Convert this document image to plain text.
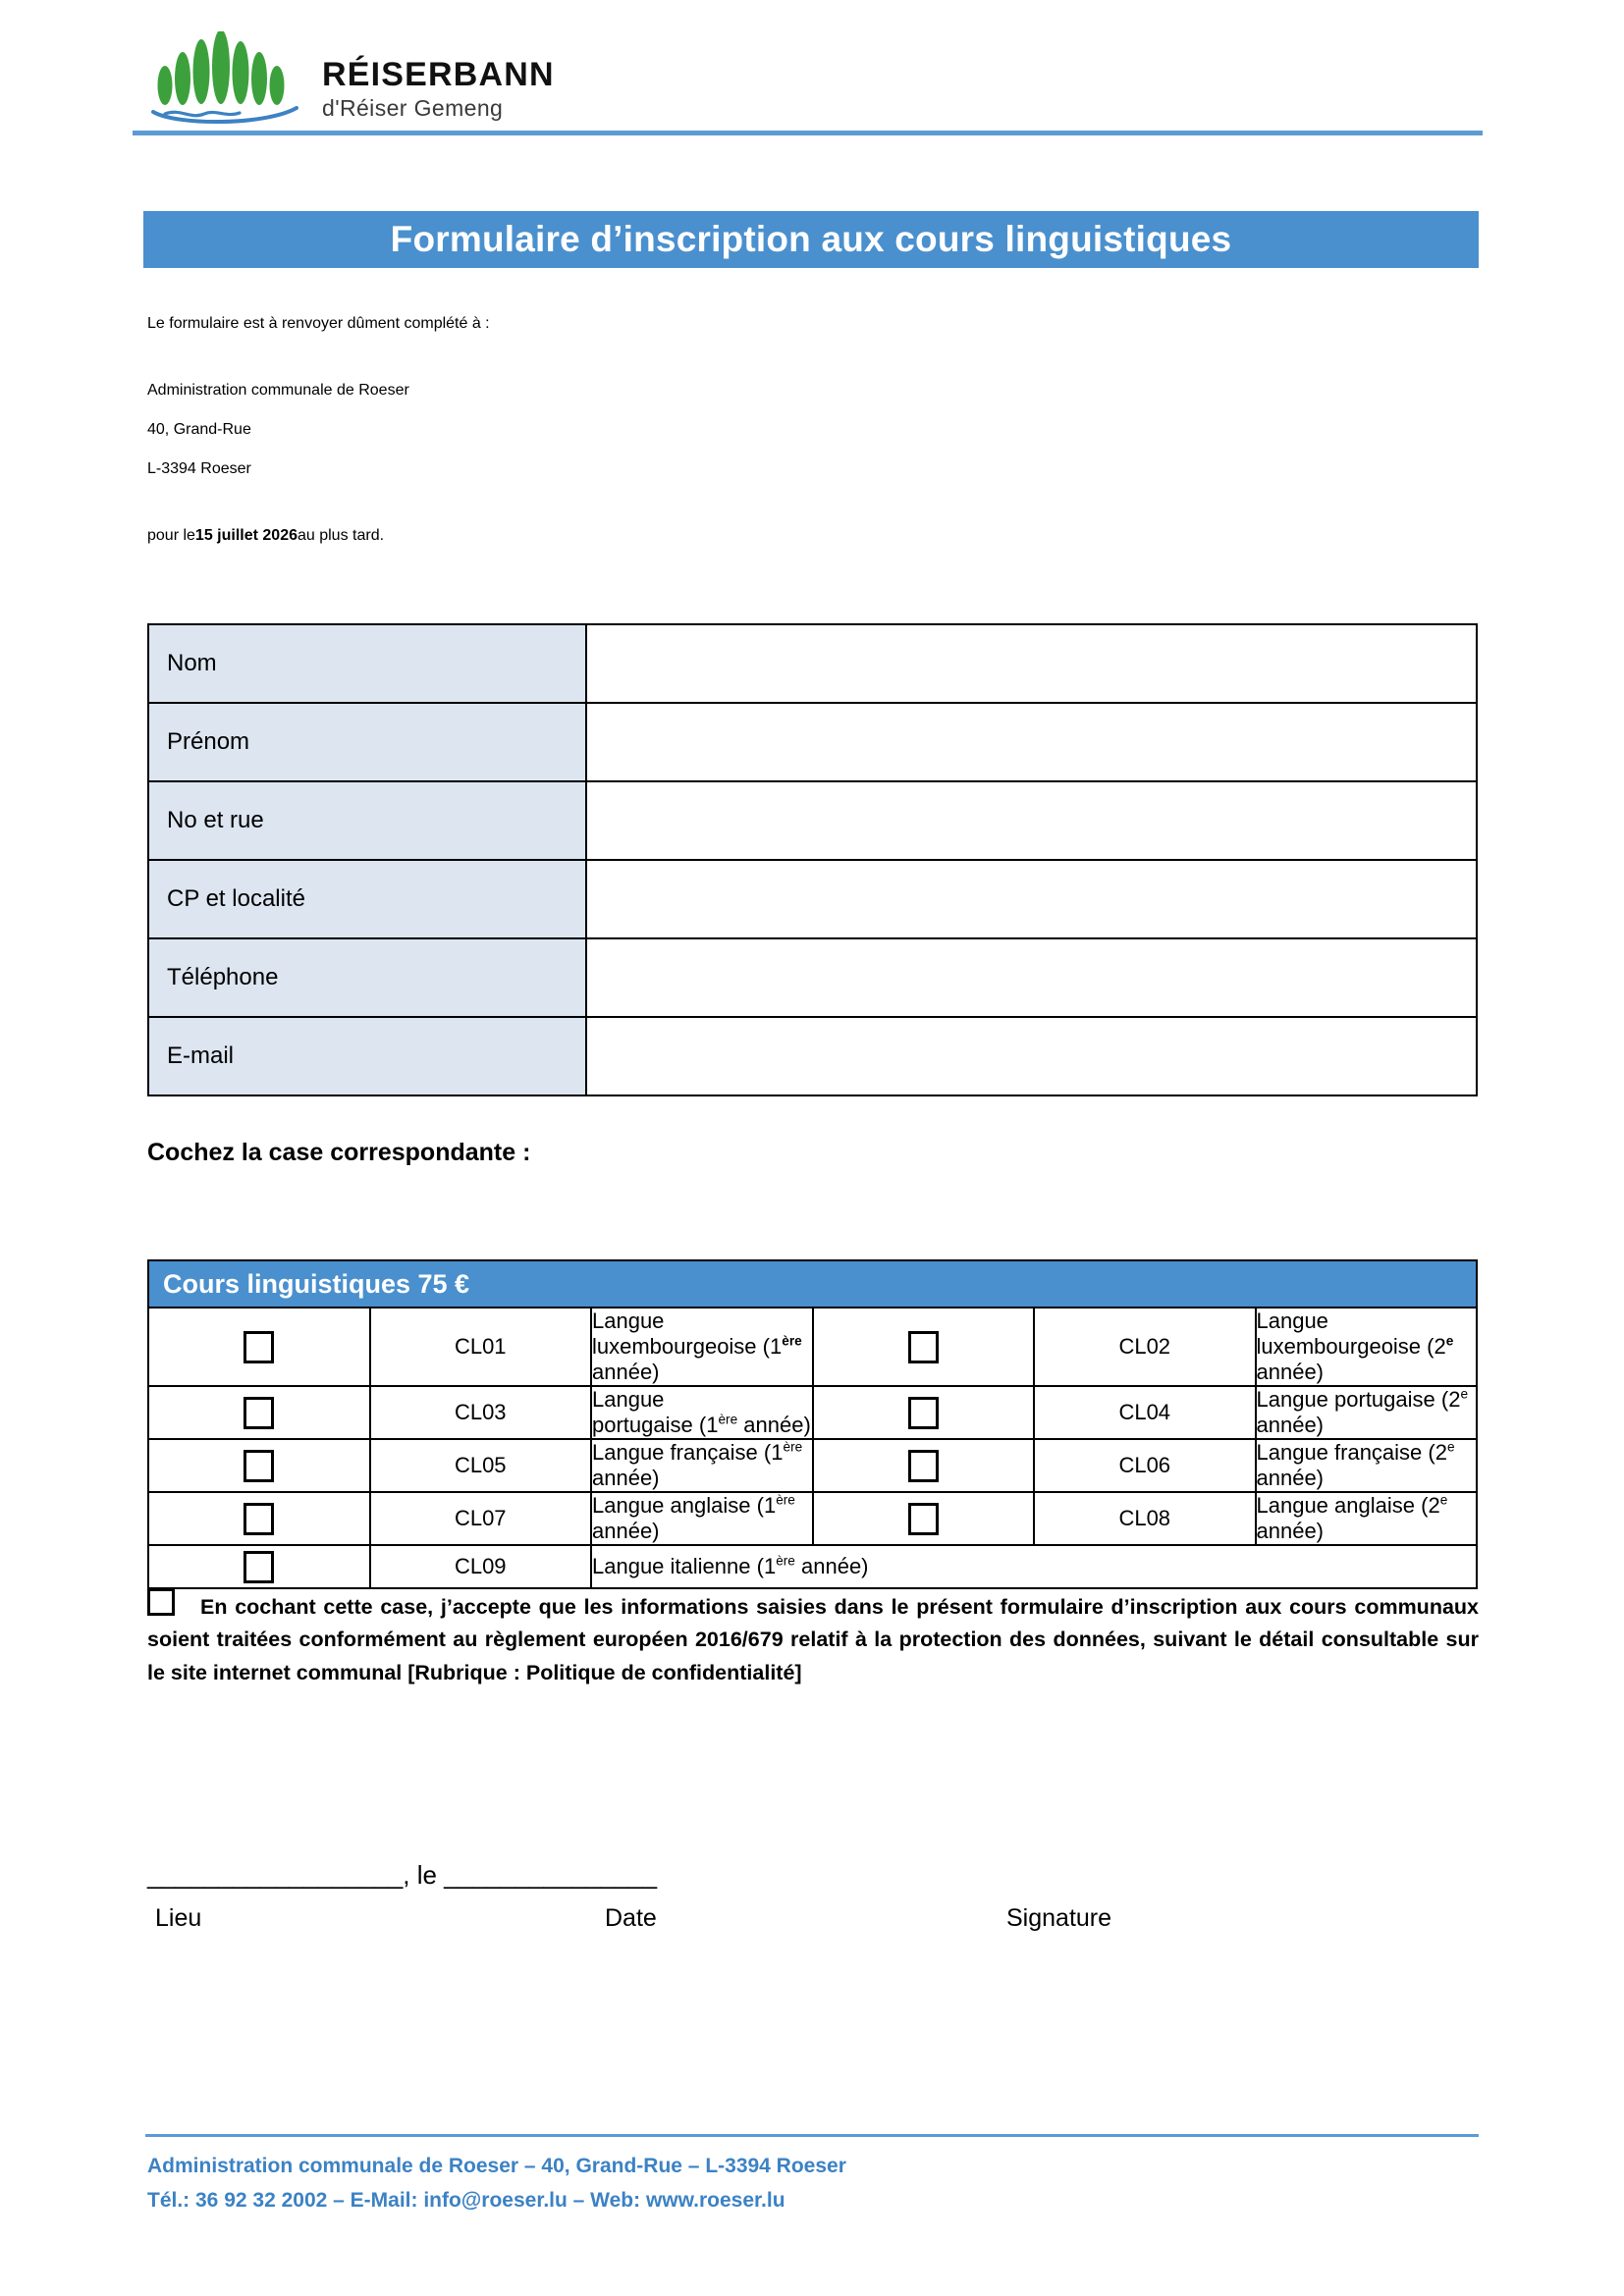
RÉISERBANN
d'Réiser Gemeng
Formulaire d’inscription aux cours linguistiques
Le formulaire est à renvoyer dûment complété à :
Administration communale de Roeser
40, Grand-Rue
L-3394 Roeser
pour le 15 juillet 2026 au plus tard.
Nom	
Prénom	
No et rue	
CP et localité	
Téléphone	
E-mail	
Cochez la case correspondante :
Cours linguistiques 75 €					
	CL01	Langue luxembourgeoise (1ère année)		CL02	Langue luxembourgeoise (2e année)
	CL03	Langue portugaise (1ère année)		CL04	Langue portugaise (2e année)
	CL05	Langue française (1ère année)		CL06	Langue française (2e année)
	CL07	Langue anglaise (1ère année)		CL08	Langue anglaise (2e année)
	CL09	Langue italienne (1ère année)			
En cochant cette case, j’accepte que les informations saisies dans le présent formulaire d’inscription aux cours communaux soient traitées conformément au règlement européen 2016/679 relatif à la protection des données, suivant le détail consultable sur le site internet communal [Rubrique : Politique de confidentialité]
__________________, le _______________
Lieu	Date	Signature
Administration communale de Roeser – 40, Grand-Rue – L-3394 Roeser
Tél.: 36 92 32 2002 – E-Mail: info@roeser.lu – Web: www.roeser.lu
